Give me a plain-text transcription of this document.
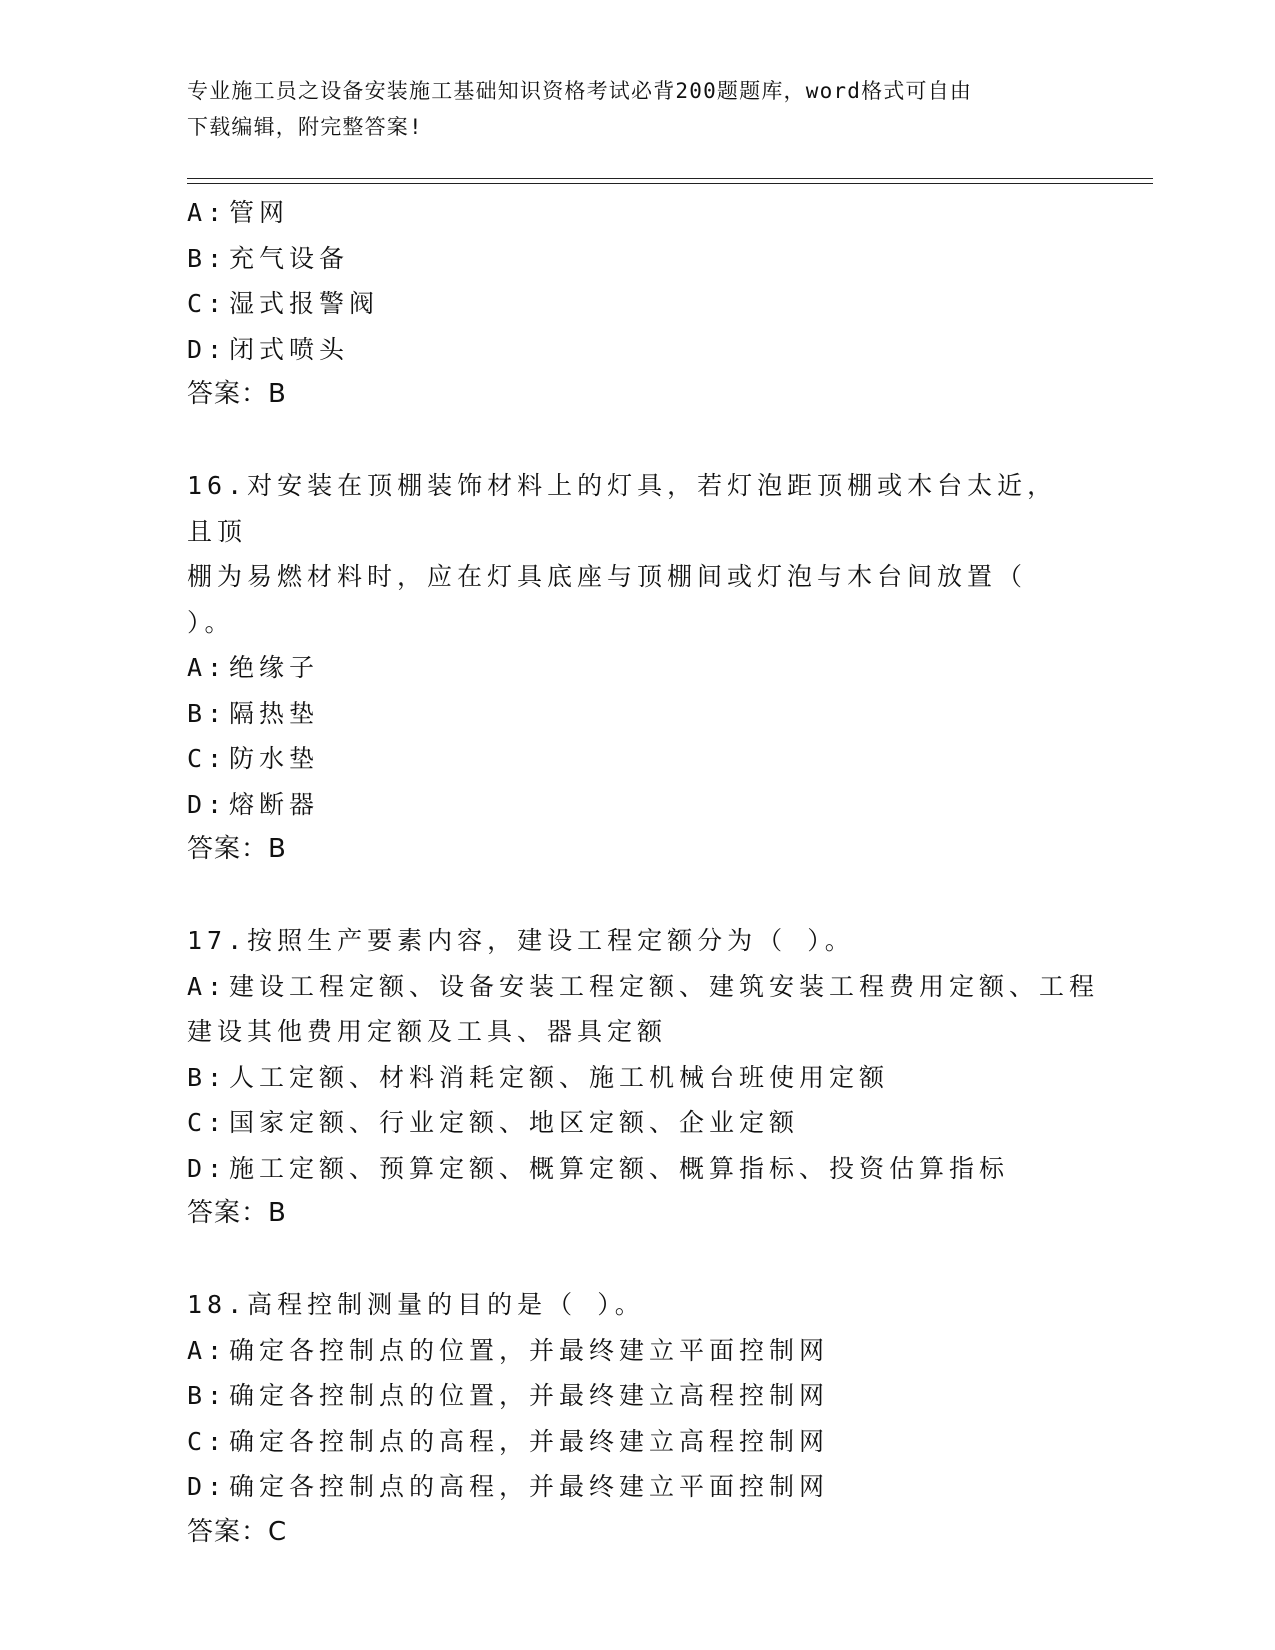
专业施工员之设备安装施工基础知识资格考试必背200题题库，word格式可自由
下载编辑，附完整答案!
A: 管网
B: 充气设备
C: 湿式报警阀
D: 闭式喷头
答案：B
16.对安装在顶棚装饰材料上的灯具，若灯泡距顶棚或木台太近，且顶
棚为易燃材料时，应在灯具底座与顶棚间或灯泡与木台间放置（ ）。
A: 绝缘子
B: 隔热垫
C: 防水垫
D: 熔断器
答案：B
17.按照生产要素内容，建设工程定额分为（ ）。
A: 建设工程定额、设备安装工程定额、建筑安装工程费用定额、工程
建设其他费用定额及工具、器具定额
B: 人工定额、材料消耗定额、施工机械台班使用定额
C: 国家定额、行业定额、地区定额、企业定额
D: 施工定额、预算定额、概算定额、概算指标、投资估算指标
答案：B
18.高程控制测量的目的是（ ）。
A: 确定各控制点的位置，并最终建立平面控制网
B: 确定各控制点的位置，并最终建立高程控制网
C: 确定各控制点的高程，并最终建立高程控制网
D: 确定各控制点的高程，并最终建立平面控制网
答案：C
